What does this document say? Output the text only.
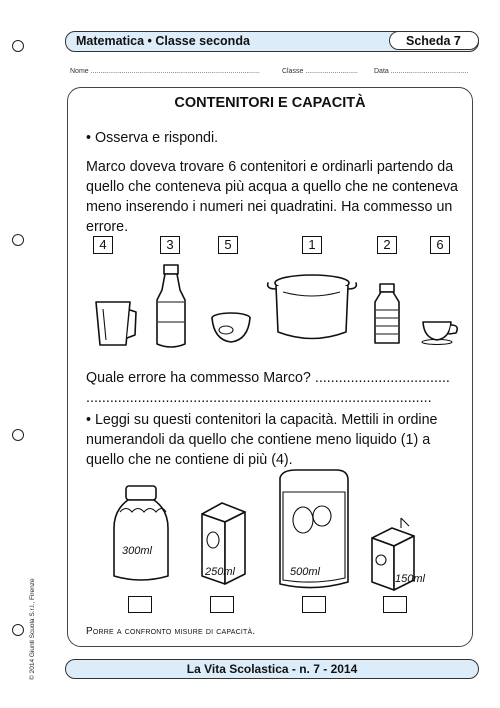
Matematica • Classe seconda	Scheda 7
Nome .......................................................................................	Classe ........................... Data ........................................
CONTENITORI E CAPACITÀ
• Osserva e rispondi.
Marco doveva trovare 6 contenitori e ordinarli partendo da quello che conteneva più acqua a quello che ne conteneva meno inserendo i numeri nei quadratini. Ha commesso un errore.
4	3	5	1	2	6
300ml
250ml	500ml
150ml
Quale errore ha commesso Marco? ..................................
.......................................................................................
• Leggi su questi contenitori la capacità. Mettili in ordine numerandoli da quello che contiene meno liquido (1) a quello che ne contiene di più (4).
Porre a confronto misure di capacità.
© 2014 Giunti Scuola S.r.l., Firenze	La Vita Scolastica - n. 7 - 2014
